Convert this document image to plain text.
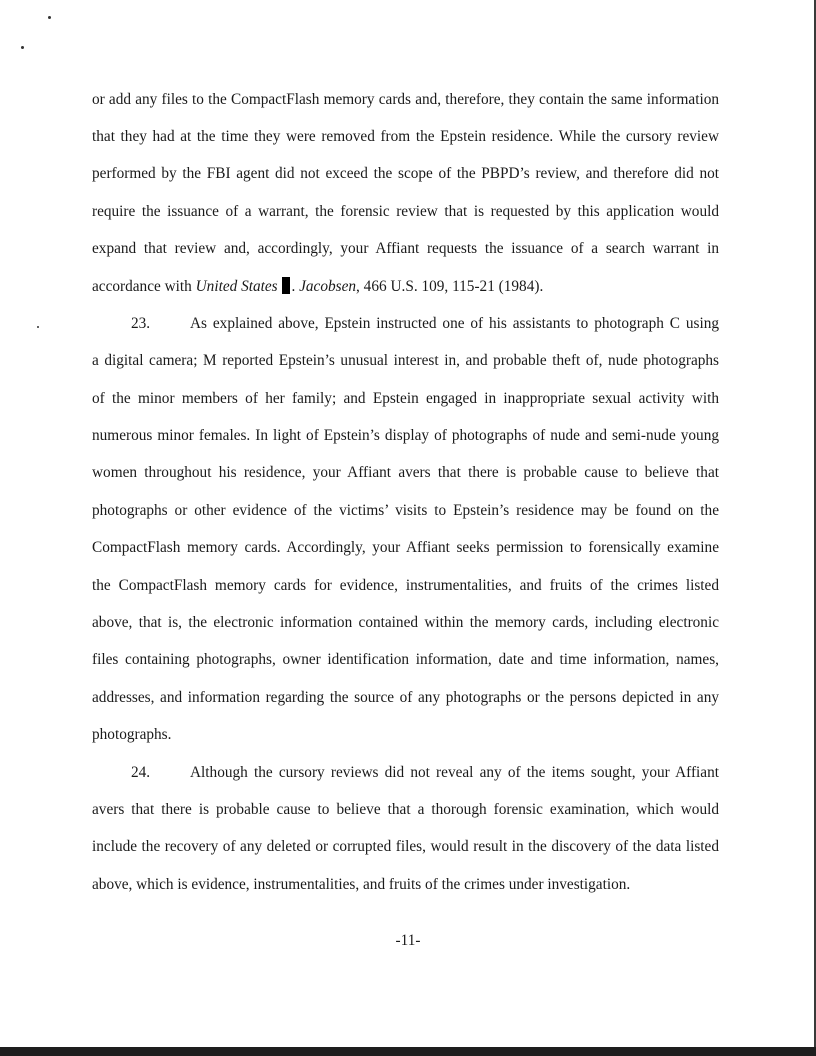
or add any files to the CompactFlash memory cards and, therefore, they contain the same information
that they had at the time they were removed from the Epstein residence. While the cursory review
performed by the FBI agent did not exceed the scope of the PBPD’s review, and therefore did not
require the issuance of a warrant, the forensic review that is requested by this application would
expand that review and, accordingly, your Affiant requests the issuance of a search warrant in
accordance with United States . Jacobsen, 466 U.S. 109, 115-21 (1984).
23.	As explained above, Epstein instructed one of his assistants to photograph C using
a digital camera; M reported Epstein’s unusual interest in, and probable theft of, nude photographs
of the minor members of her family; and Epstein engaged in inappropriate sexual activity with
numerous minor females. In light of Epstein’s display of photographs of nude and semi-nude young
women throughout his residence, your Affiant avers that there is probable cause to believe that
photographs or other evidence of the victims’ visits to Epstein’s residence may be found on the
CompactFlash memory cards. Accordingly, your Affiant seeks permission to forensically examine
the CompactFlash memory cards for evidence, instrumentalities, and fruits of the crimes listed
above, that is, the electronic information contained within the memory cards, including electronic
files containing photographs, owner identification information, date and time information, names,
addresses, and information regarding the source of any photographs or the persons depicted in any
photographs.
24.	Although the cursory reviews did not reveal any of the items sought, your Affiant
avers that there is probable cause to believe that a thorough forensic examination, which would
include the recovery of any deleted or corrupted files, would result in the discovery of the data listed
above, which is evidence, instrumentalities, and fruits of the crimes under investigation.
-11-
